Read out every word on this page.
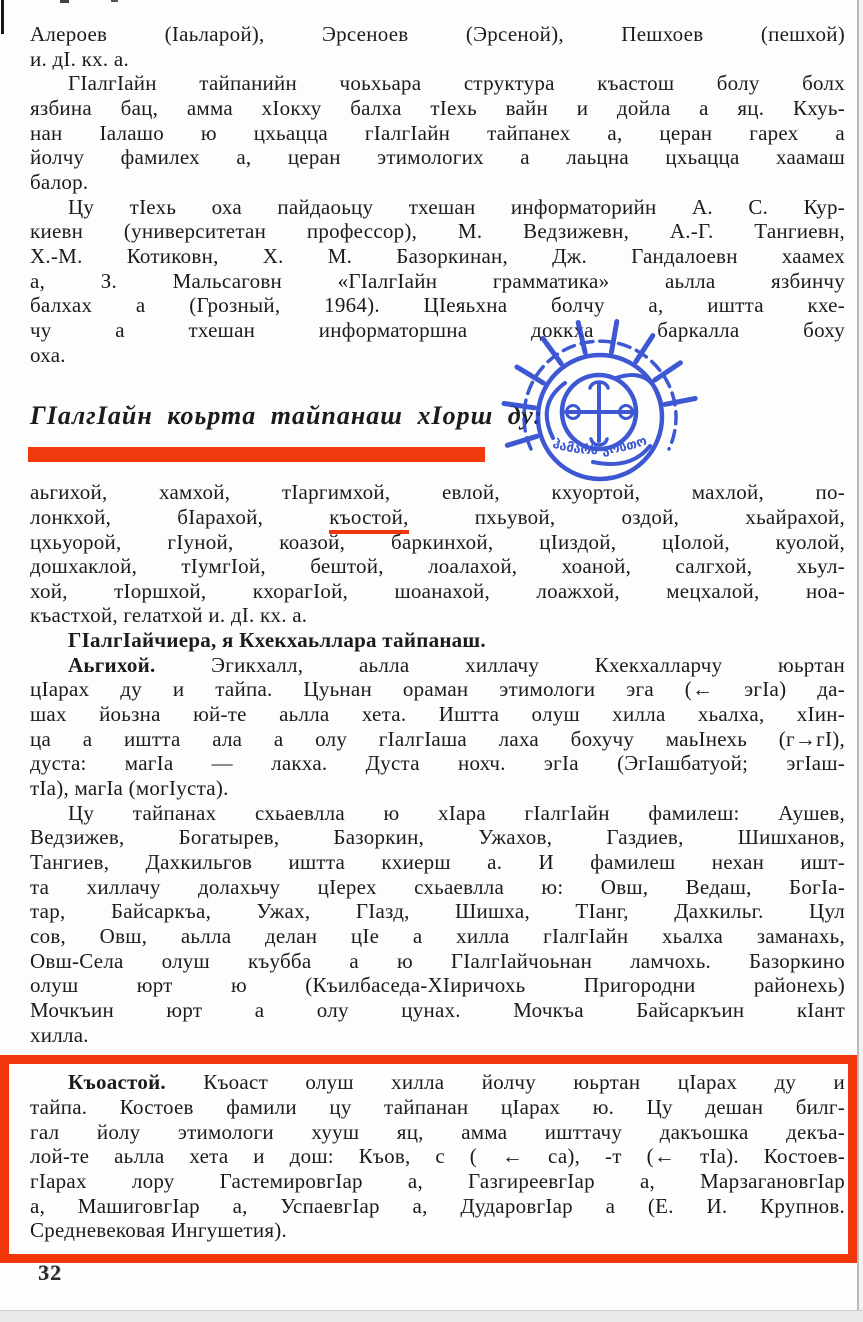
Алероев (Iаьларой), Эрсеноев (Эрсеной), Пешхоев (пешхой)
и. дI. кх. а.
ГIалгIайн тайпанийн чоьхьара структура къастош болу болх
язбина бац, амма хIокху балха тIехь вайн и дойла а яц. Кхуь-
нан Iалашо ю цхьацца гIалгIайн тайпанех а, церан гарех а
йолчу фамилех а, церан этимологих а лаьцна цхьацца хаамаш
балор.
Цу тIехь оха пайдаоьцу тхешан информаторийн А. С. Кур-
киевн (университетан профессор), М. Ведзижевн, А.-Г. Тангиевн,
Х.-М. Котиковн, Х. М. Базоркинан, Дж. Гандалоевн хаамех
а, З. Мальсаговн «ГIалгIайн грамматика» аьлла язбинчу
балхах а (Грозный, 1964). ЦIеяьхна болчу а, иштта кхе-
чу а тхешан информаторшна доккха баркалла боху
оха.
ГIалгIайн коьрта тайпанаш хIорш ду:
аьгихой, хамхой, тIаргимхой, евлой, кхуортой, махлой, по-
лонкхой, бIарахой, къостой, пхьувой, оздой, хьайрахой,
цхьуорой, гIуной, коазой, баркинхой, цIиздой, цIолой, куолой,
дошхаклой, тIумгIой, бештой, лоалахой, хоаной, салгхой, хьул-
хой, тIоршхой, кхорагIой, шоанахой, лоажхой, мецхалой, ноа-
къастхой, гелатхой и. дI. кх. а.
ГIалгIайчиера, я Кхекхаьллара тайпанаш.
Аьгихой. Эгикхалл, аьлла хиллачу Кхекхалларчу юьртан
цIарах ду и тайпа. Цуьнан ораман этимологи эга (← эгIа) да-
шах йоьзна юй-те аьлла хета. Иштта олуш хилла хьалха, хIин-
ца а иштта ала а олу гIалгIаша лаха бохучу маьIнехь (г→гI),
дуста: магIа — лакха. Дуста нохч. эгIа (ЭгIашбатуой; эгIаш-
тIа), магIа (могIуста).
Цу тайпанах схьаевлла ю хIара гIалгIайн фамилеш: Аушев,
Ведзижев, Богатырев, Базоркин, Ужахов, Газдиев, Шишханов,
Тангиев, Дахкильгов иштта кхиерш а. И фамилеш нехан ишт-
та хиллачу долахьчу цIерех схьаевлла ю: Овш, Ведаш, БогIа-
тар, Байсаркъа, Ужах, ГIазд, Шишха, ТIанг, Дахкильг. Цул
сов, Овш, аьлла делан цIе а хилла гIалгIайн хьалха заманахь,
Овш-Села олуш къубба а ю ГIалгIайчоьнан ламчохь. Базоркино
олуш юрт ю (Къилбаседа-ХIиричохь Пригородни районехь)
Мочкъин юрт а олу цунах. Мочкъа Байсаркъин кIант
хилла.
Къоастой. Къоаст олуш хилла йолчу юьртан цIарах ду и
тайпа. Костоев фамили цу тайпанан цIарах ю. Цу дешан билг-
гал йолу этимологи хууш яц, амма ишттачу дакъошка декъа-
лой-те аьлла хета и дош: Къов, с ( ← са), -т (← тIа). Костоев-
гIарах лору ГастемировгIар а, ГазгиреевгIар а, МарзагановгIар
а, МашиговгIар а, УспаевгIар а, ДударовгIар а (Е. И. Крупнов.
Средневековая Ингушетия).
ჰამარზ კოსთო
32
